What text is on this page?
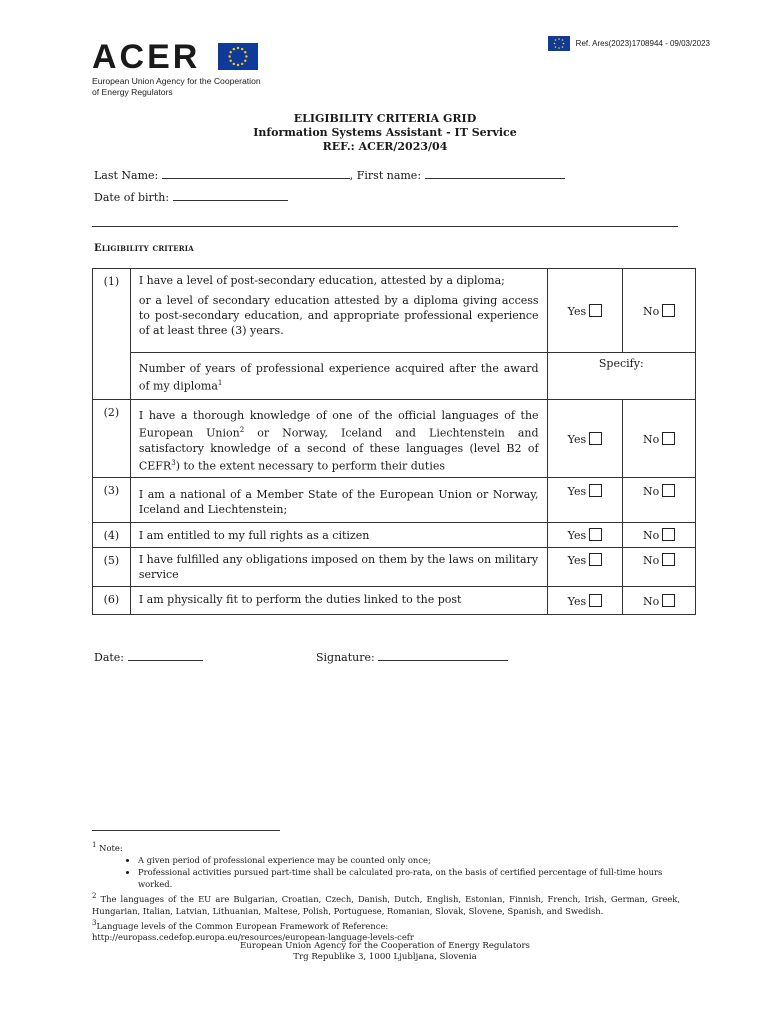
Ref. Ares(2023)1708944 - 09/03/2023
ACER
European Union Agency for the Cooperation
of Energy Regulators
ELIGIBILITY CRITERIA GRID
Information Systems Assistant - IT Service
REF.: ACER/2023/04
Last Name:	, First name:
Date of birth:
Eligibility criteria
(1)	I have a level of post-secondary education, attested by a diploma;

or a level of secondary education attested by a diploma giving access to post-secondary education, and appropriate professional experience of at least three (3) years.	Yes	No

	Number of years of professional experience acquired after the award of my diploma$^1$	Specify:	
(2)	I have a thorough knowledge of one of the official languages of the European Union$^2$ or Norway, Iceland and Liechtenstein and satisfactory knowledge of a second of these languages (level B2 of CEFR$^3$) to the extent necessary to perform their duties	Yes	No
(3)	I am a national of a Member State of the European Union or Norway, Iceland and Liechtenstein;	Yes	No
(4)	I am entitled to my full rights as a citizen	Yes	No
(5)	I have fulfilled any obligations imposed on them by the laws on military service	Yes	No
(6)	I am physically fit to perform the duties linked to the post	Yes	No
Date:	Signature:

$^1$ Note:

• A given period of professional experience may be counted only once;
• Professional activities pursued part-time shall be calculated pro-rata, on the basis of certified percentage of full-time hours worked.

$^2$ The languages of the EU are Bulgarian, Croatian, Czech, Danish, Dutch, English, Estonian, Finnish, French, Irish, German, Greek, Hungarian, Italian, Latvian, Lithuanian, Maltese, Polish, Portuguese, Romanian, Slovak, Slovene, Spanish, and Swedish.

$^3$Language levels of the Common European Framework of Reference:

http://europass.cedefop.europa.eu/resources/european-language-levels-cefr

European Union Agency for the Cooperation of Energy Regulators
Trg Republike 3, 1000 Ljubljana, Slovenia
